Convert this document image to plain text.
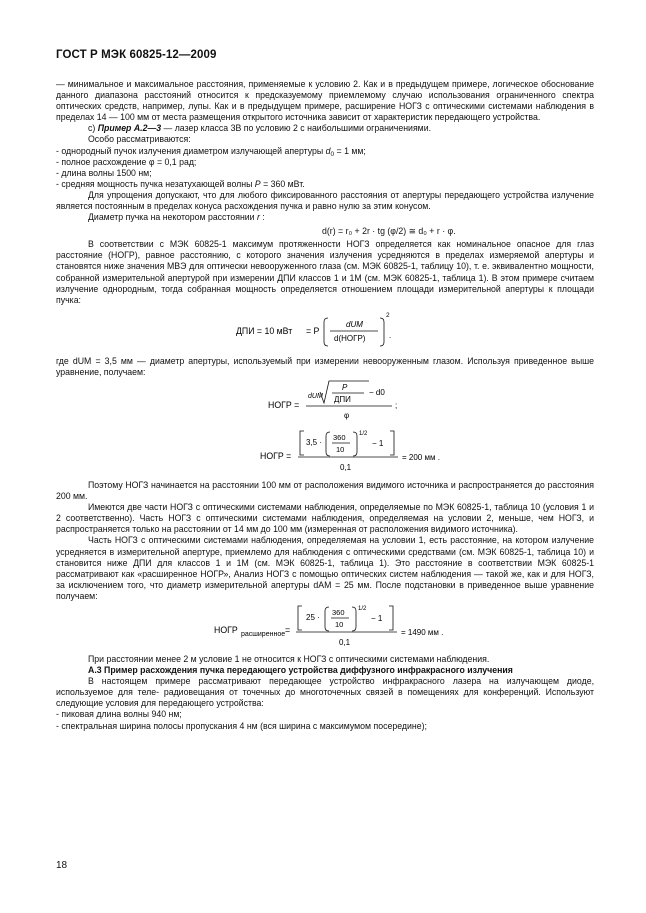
ГОСТ Р МЭК 60825-12—2009

— минимальное и максимальное расстояния, применяемые к условию 2. Как и в предыдущем примере, логическое обоснование данного диапазона расстояний относится к предсказуемому приемлемому случаю использования ограниченного спектра оптических средств, например, лупы. Как и в предыдущем примере, расширение НОГЗ с оптическими системами наблюдения в пределах 14 — 100 мм от места размещения открытого источника зависит от характеристик передающего устройства.

с) Пример А.2—3 — лазер класса 3В по условию 2 с наибольшими ограничениями.

Особо рассматриваются:

- однородный пучок излучения диаметром излучающей апертуры $d_0 = 1$ мм;

- полное расхождение φ = 0,1 рад;

- длина волны 1500 нм;

- средняя мощность пучка незатухающей волны P = 360 мВт.

Для упрощения допускают, что для любого фиксированного расстояния от апертуры передающего устройства излучение является постоянным в пределах конуса расхождения пучка и равно нулю за этим конусом.

Диаметр пучка на некотором расстоянии r :

d(r) = r₀ + 2r · tg (φ/2) ≅ d₀ + r · φ.

В соответствии с МЭК 60825-1 максимум протяженности НОГЗ определяется как номинальное опасное для глаз расстояние (НОГР), равное расстоянию, с которого значения излучения усредняются в пределах измеряемой апертуры и становятся ниже значения МВЭ для оптически невооруженного глаза (см. МЭК 60825-1, таблицу 10), т. е. эквивалентно мощности, собранной измерительной апертурой при измерении ДПИ классов 1 и 1М (см. МЭК 60825-1, таблица 1). В этом примере считаем излучение однородным, тогда собранная мощность определяется отношением площади измерительной апертуры к площади пучка:

ДПИ = 10 мВт = P
dUM
d(НОГР)
2
.

где dUM = 3,5 мм — диаметр апертуры, используемый при измерении невооруженным глазом. Используя приведенное выше уравнение, получаем:

НОГР =
dUM
P
ДПИ
− d0
φ
;
НОГР =
3,5 ·
360
10
1/2
− 1
0,1
= 200 мм .

Поэтому НОГЗ начинается на расстоянии 100 мм от расположения видимого источника и распространяется до расстояния 200 мм.

Имеются две части НОГЗ с оптическими системами наблюдения, определяемые по МЭК 60825-1, таблица 10 (условия 1 и 2 соответственно). Часть НОГЗ с оптическими системами наблюдения, определяемая на условии 2, меньше, чем НОГЗ, и распространяется только на расстоянии от 14 мм до 100 мм (измеренная от расположения видимого источника).

Часть НОГЗ с оптическими системами наблюдения, определяемая на условии 1, есть расстояние, на котором излучение усредняется в измерительной апертуре, приемлемо для наблюдения с оптическими средствами (см. МЭК 60825-1, таблица 10) и становится ниже ДПИ для классов 1 и 1М (см. МЭК 60825-1, таблица 1). Это расстояние в соответствии МЭК 60825-1 рассматривают как «расширенное НОГР», Анализ НОГЗ с помощью оптических систем наблюдения — такой же, как и для НОГЗ, за исключением того, что диаметр измерительной апертуры dAM = 25 мм. После подстановки в приведенное выше уравнение получаем:

НОГР расширенное =
25 ·
360
10
1/2
− 1
0,1
= 1490 мм .

При расстоянии менее 2 м условие 1 не относится к НОГЗ с оптическими системами наблюдения.

А.3 Пример расхождения пучка передающего устройства диффузного инфракрасного излучения

В настоящем примере рассматривают передающее устройство инфракрасного лазера на излучающем диоде, используемое для теле- радиовещания от точечных до многоточечных связей в помещениях для конференций. Используют следующие условия для передающего устройства:

- пиковая длина волны 940 нм;

- спектральная ширина полосы пропускания 4 нм (вся ширина с максимумом посередине);

18
